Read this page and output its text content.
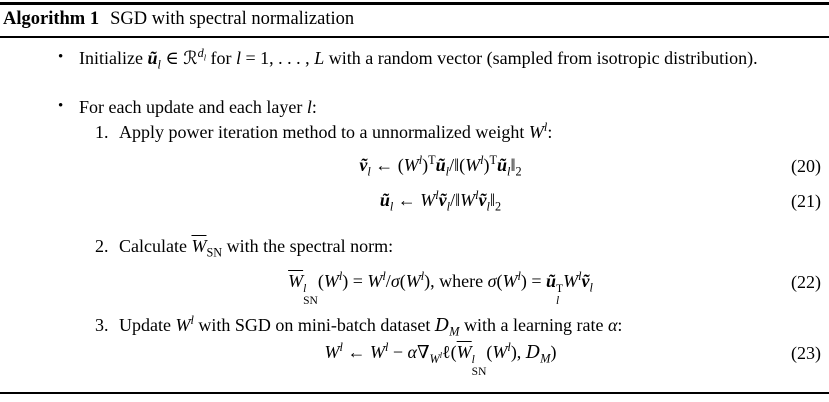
Algorithm 1 SGD with spectral normalization
• Initialize $ũ_l$ ∈ ℛ$^{d_l}$ for l = 1, . . . , L with a random vector (sampled from isotropic distribution).
• For each update and each layer l:
1. Apply power iteration method to a unnormalized weight $W^l$:
ṽ$_l$ ← $(W^l)^Tũ_l/‖(W^l)^Tũ_l‖_2$	(20)
$ũ_l$ ← $W^lṽ_l/‖W^lṽ_l‖_2$	(21)
2. Calculate $\overline{W}_{SN}$ with the spectral norm:
$\overline{W}$ l
SN
$(W^l) = W^l/\sigma(W^l)$, where $\sigma(W^l)$ = ũ T
l
$W^lṽ_l$	(22)
3. Update $W^l$ with SGD on mini-batch dataset $D_M$ with a learning rate α:
$W^l$ ← $W^l$ − $\alpha\nabla_{W^l}\ell(\overline{W}$ l
SN
$(W^l)$, $D_M$)	(23)
